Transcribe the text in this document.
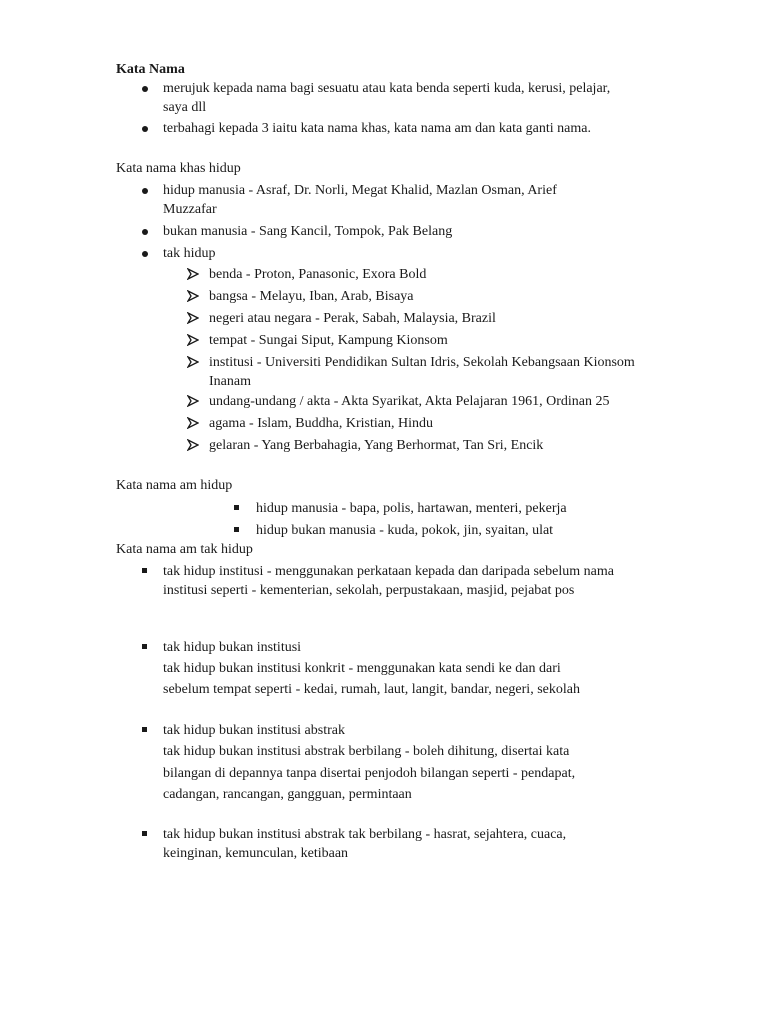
Kata Nama
merujuk kepada nama bagi sesuatu atau kata benda seperti kuda, kerusi, pelajar, saya dll
terbahagi kepada 3 iaitu kata nama khas, kata nama am dan kata ganti nama.
Kata nama khas hidup
hidup manusia - Asraf, Dr. Norli, Megat Khalid, Mazlan Osman, Arief Muzzafar
bukan manusia - Sang Kancil, Tompok, Pak Belang
tak hidup
benda - Proton, Panasonic, Exora Bold
bangsa - Melayu, Iban, Arab, Bisaya
negeri atau negara - Perak, Sabah, Malaysia, Brazil
tempat - Sungai Siput, Kampung Kionsom
institusi - Universiti Pendidikan Sultan Idris, Sekolah Kebangsaan Kionsom Inanam
undang-undang / akta - Akta Syarikat, Akta Pelajaran 1961, Ordinan 25
agama - Islam, Buddha, Kristian, Hindu
gelaran - Yang Berbahagia, Yang Berhormat, Tan Sri, Encik
Kata nama am hidup
hidup manusia - bapa, polis, hartawan, menteri, pekerja
hidup bukan manusia - kuda, pokok, jin, syaitan, ulat
Kata nama am tak hidup
tak hidup institusi - menggunakan perkataan kepada dan daripada sebelum nama institusi seperti - kementerian, sekolah, perpustakaan, masjid, pejabat pos
tak hidup bukan institusi
tak hidup bukan institusi konkrit - menggunakan kata sendi ke dan dari
sebelum tempat seperti - kedai, rumah, laut, langit, bandar, negeri, sekolah
tak hidup bukan institusi abstrak
tak hidup bukan institusi abstrak berbilang - boleh dihitung, disertai kata
bilangan di depannya tanpa disertai penjodoh bilangan seperti - pendapat,
cadangan, rancangan, gangguan, permintaan
tak hidup bukan institusi abstrak tak berbilang - hasrat, sejahtera, cuaca, keinginan, kemunculan, ketibaan
